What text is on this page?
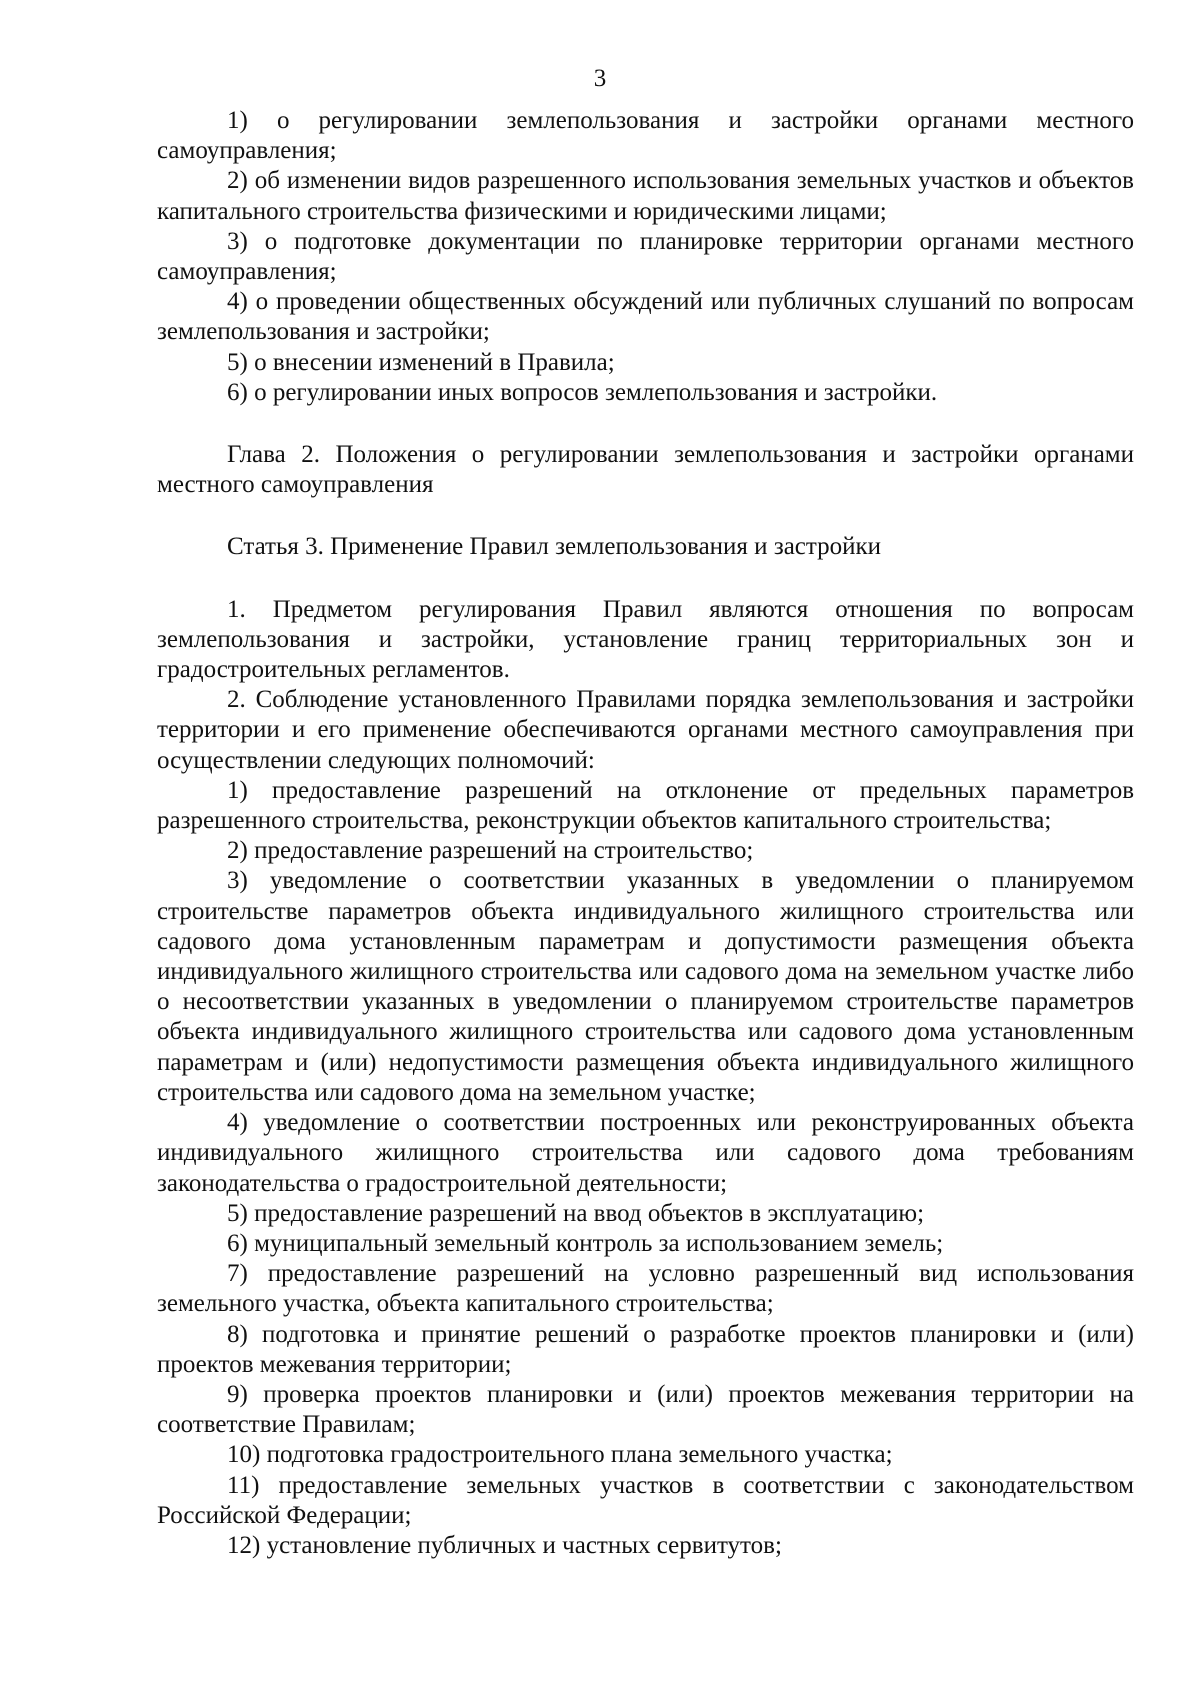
3

1) о регулировании землепользования и застройки органами местного самоуправления;

2) об изменении видов разрешенного использования земельных участков и объектов капитального строительства физическими и юридическими лицами;

3) о подготовке документации по планировке территории органами местного самоуправления;

4) о проведении общественных обсуждений или публичных слушаний по вопросам землепользования и застройки;

5) о внесении изменений в Правила;

6) о регулировании иных вопросов землепользования и застройки.

Глава 2. Положения о регулировании землепользования и застройки органами местного самоуправления

Статья 3. Применение Правил землепользования и застройки

1. Предметом регулирования Правил являются отношения по вопросам землепользования и застройки, установление границ территориальных зон и градостроительных регламентов.

2. Соблюдение установленного Правилами порядка землепользования и застройки территории и его применение обеспечиваются органами местного самоуправления при осуществлении следующих полномочий:

1) предоставление разрешений на отклонение от предельных параметров разрешенного строительства, реконструкции объектов капитального строительства;

2) предоставление разрешений на строительство;

3) уведомление о соответствии указанных в уведомлении о планируемом строительстве параметров объекта индивидуального жилищного строительства или садового дома установленным параметрам и допустимости размещения объекта индивидуального жилищного строительства или садового дома на земельном участке либо о несоответствии указанных в уведомлении о планируемом строительстве параметров объекта индивидуального жилищного строительства или садового дома установленным параметрам и (или) недопустимости размещения объекта индивидуального жилищного строительства или садового дома на земельном участке;

4) уведомление о соответствии построенных или реконструированных объекта индивидуального жилищного строительства или садового дома требованиям законодательства о градостроительной деятельности;

5) предоставление разрешений на ввод объектов в эксплуатацию;

6) муниципальный земельный контроль за использованием земель;

7) предоставление разрешений на условно разрешенный вид использования земельного участка, объекта капитального строительства;

8) подготовка и принятие решений о разработке проектов планировки и (или) проектов межевания территории;

9) проверка проектов планировки и (или) проектов межевания территории на соответствие Правилам;

10) подготовка градостроительного плана земельного участка;

11) предоставление земельных участков в соответствии с законодательством Российской Федерации;

12) установление публичных и частных сервитутов;
